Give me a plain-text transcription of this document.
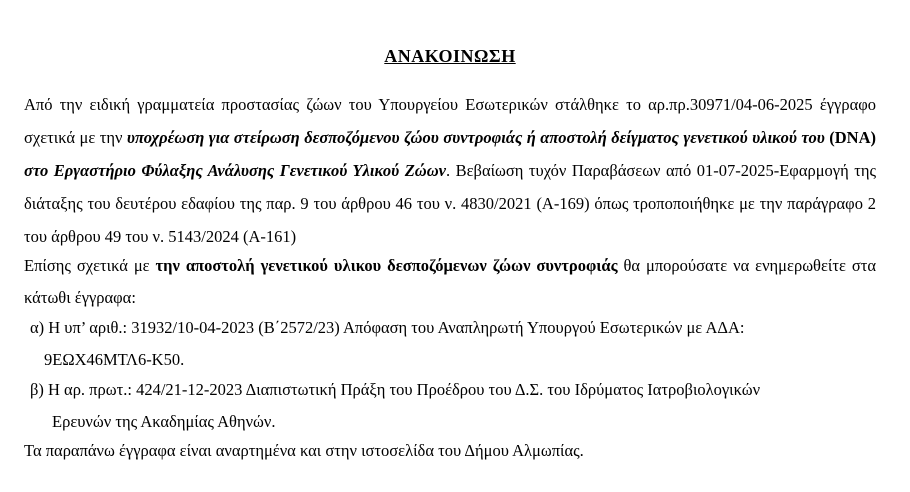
ΑΝΑΚΟΙΝΩΣΗ
Από την ειδική γραμματεία προστασίας ζώων του Υπουργείου Εσωτερικών στάλθηκε το αρ.πρ.30971/04-06-2025 έγγραφο σχετικά με την υποχρέωση για στείρωση δεσποζόμενου ζώου συντροφιάς ή αποστολή δείγματος γενετικού υλικού του (DNA) στο Εργαστήριο Φύλαξης Ανάλυσης Γενετικού Υλικού Ζώων. Βεβαίωση τυχόν Παραβάσεων από 01-07-2025-Εφαρμογή της διάταξης του δευτέρου εδαφίου της παρ. 9 του άρθρου 46 του ν. 4830/2021 (Α-169) όπως τροποποιήθηκε με την παράγραφο 2 του άρθρου 49 του ν. 5143/2024 (Α-161)
Επίσης σχετικά με την αποστολή γενετικού υλικου δεσποζόμενων ζώων συντροφιάς θα μπορούσατε να ενημερωθείτε στα κάτωθι έγγραφα:
α) Η υπ’ αριθ.: 31932/10-04-2023 (Β΄2572/23) Απόφαση του Αναπληρωτή Υπουργού Εσωτερικών με ΑΔΑ:
9ΕΩΧ46ΜΤΛ6-Κ50.
β) Η αρ. πρωτ.: 424/21-12-2023 Διαπιστωτική Πράξη του Προέδρου του Δ.Σ. του Ιδρύματος Ιατροβιολογικών
Ερευνών της Ακαδημίας Αθηνών.
Τα παραπάνω έγγραφα είναι αναρτημένα και στην ιστοσελίδα του Δήμου Αλμωπίας.
